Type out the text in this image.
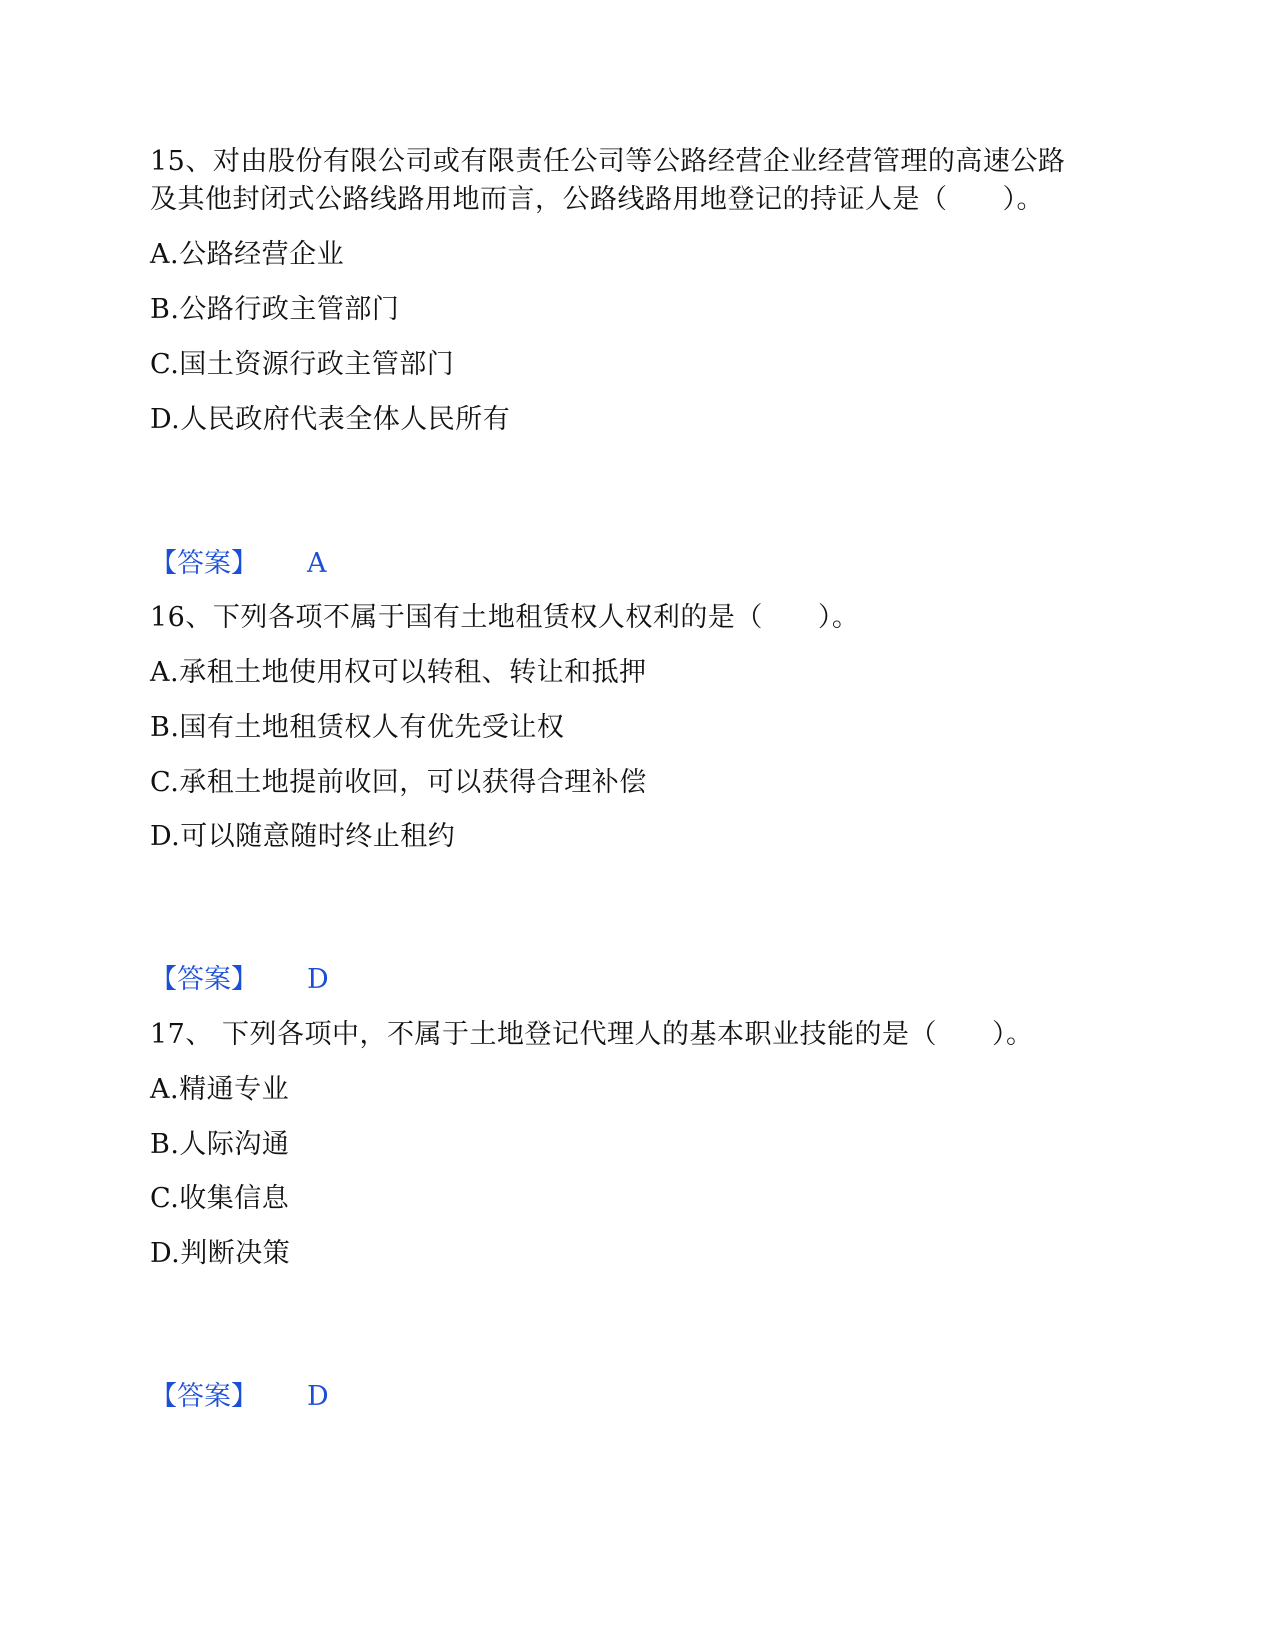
15、对由股份有限公司或有限责任公司等公路经营企业经营管理的高速公路
及其他封闭式公路线路用地而言，公路线路用地登记的持证人是（　　）。
A.公路经营企业
B.公路行政主管部门
C.国土资源行政主管部门
D.人民政府代表全体人民所有
【答案】 A
16、下列各项不属于国有土地租赁权人权利的是（　　）。
A.承租土地使用权可以转租、转让和抵押
B.国有土地租赁权人有优先受让权
C.承租土地提前收回，可以获得合理补偿
D.可以随意随时终止租约
【答案】 D
17、 下列各项中，不属于土地登记代理人的基本职业技能的是（　　）。
A.精通专业
B.人际沟通
C.收集信息
D.判断决策
【答案】 D
